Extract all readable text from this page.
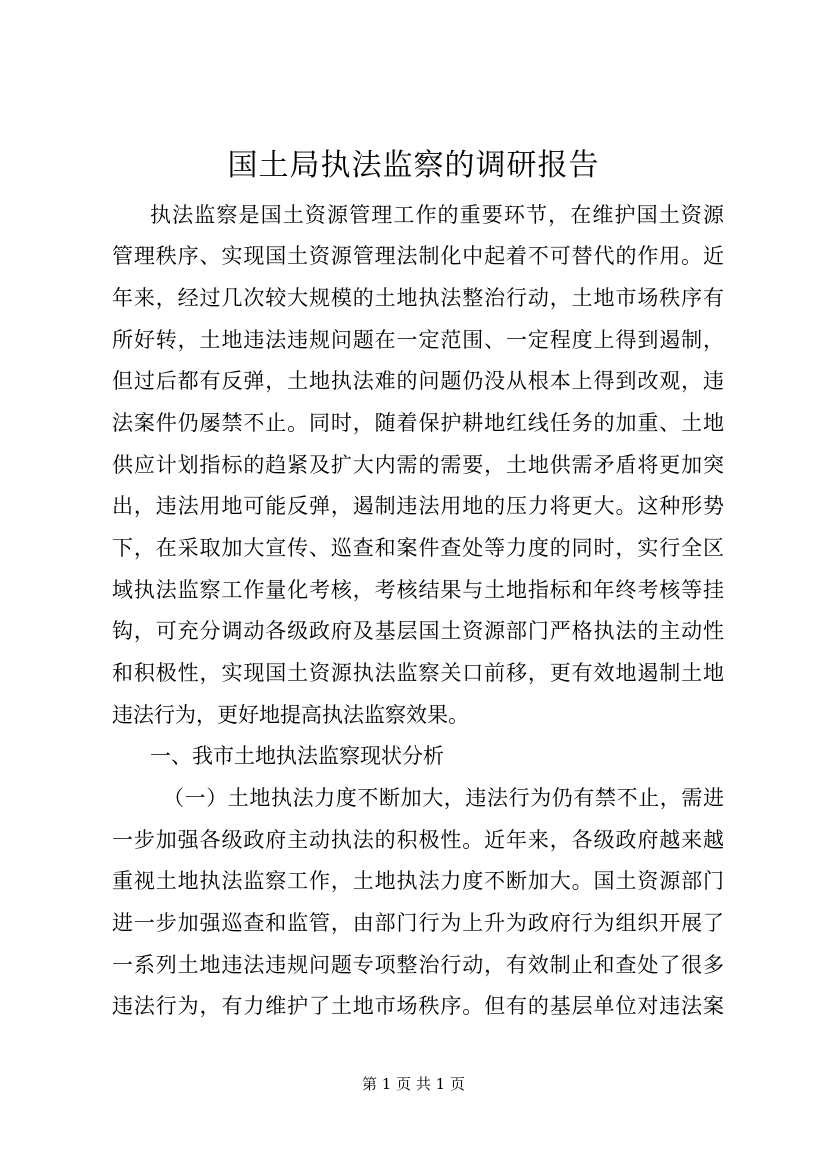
国土局执法监察的调研报告
执法监察是国土资源管理工作的重要环节，在维护国土资源
管理秩序、实现国土资源管理法制化中起着不可替代的作用。近
年来，经过几次较大规模的土地执法整治行动，土地市场秩序有
所好转，土地违法违规问题在一定范围、一定程度上得到遏制，
但过后都有反弹，土地执法难的问题仍没从根本上得到改观，违
法案件仍屡禁不止。同时，随着保护耕地红线任务的加重、土地
供应计划指标的趋紧及扩大内需的需要，土地供需矛盾将更加突
出，违法用地可能反弹，遏制违法用地的压力将更大。这种形势
下，在采取加大宣传、巡查和案件查处等力度的同时，实行全区
域执法监察工作量化考核，考核结果与土地指标和年终考核等挂
钩，可充分调动各级政府及基层国土资源部门严格执法的主动性
和积极性，实现国土资源执法监察关口前移，更有效地遏制土地
违法行为，更好地提高执法监察效果。
一、我市土地执法监察现状分析
（一）土地执法力度不断加大，违法行为仍有禁不止，需进
一步加强各级政府主动执法的积极性。近年来，各级政府越来越
重视土地执法监察工作，土地执法力度不断加大。国土资源部门
进一步加强巡查和监管，由部门行为上升为政府行为组织开展了
一系列土地违法违规问题专项整治行动，有效制止和查处了很多
违法行为，有力维护了土地市场秩序。但有的基层单位对违法案
第 1 页 共 1 页
